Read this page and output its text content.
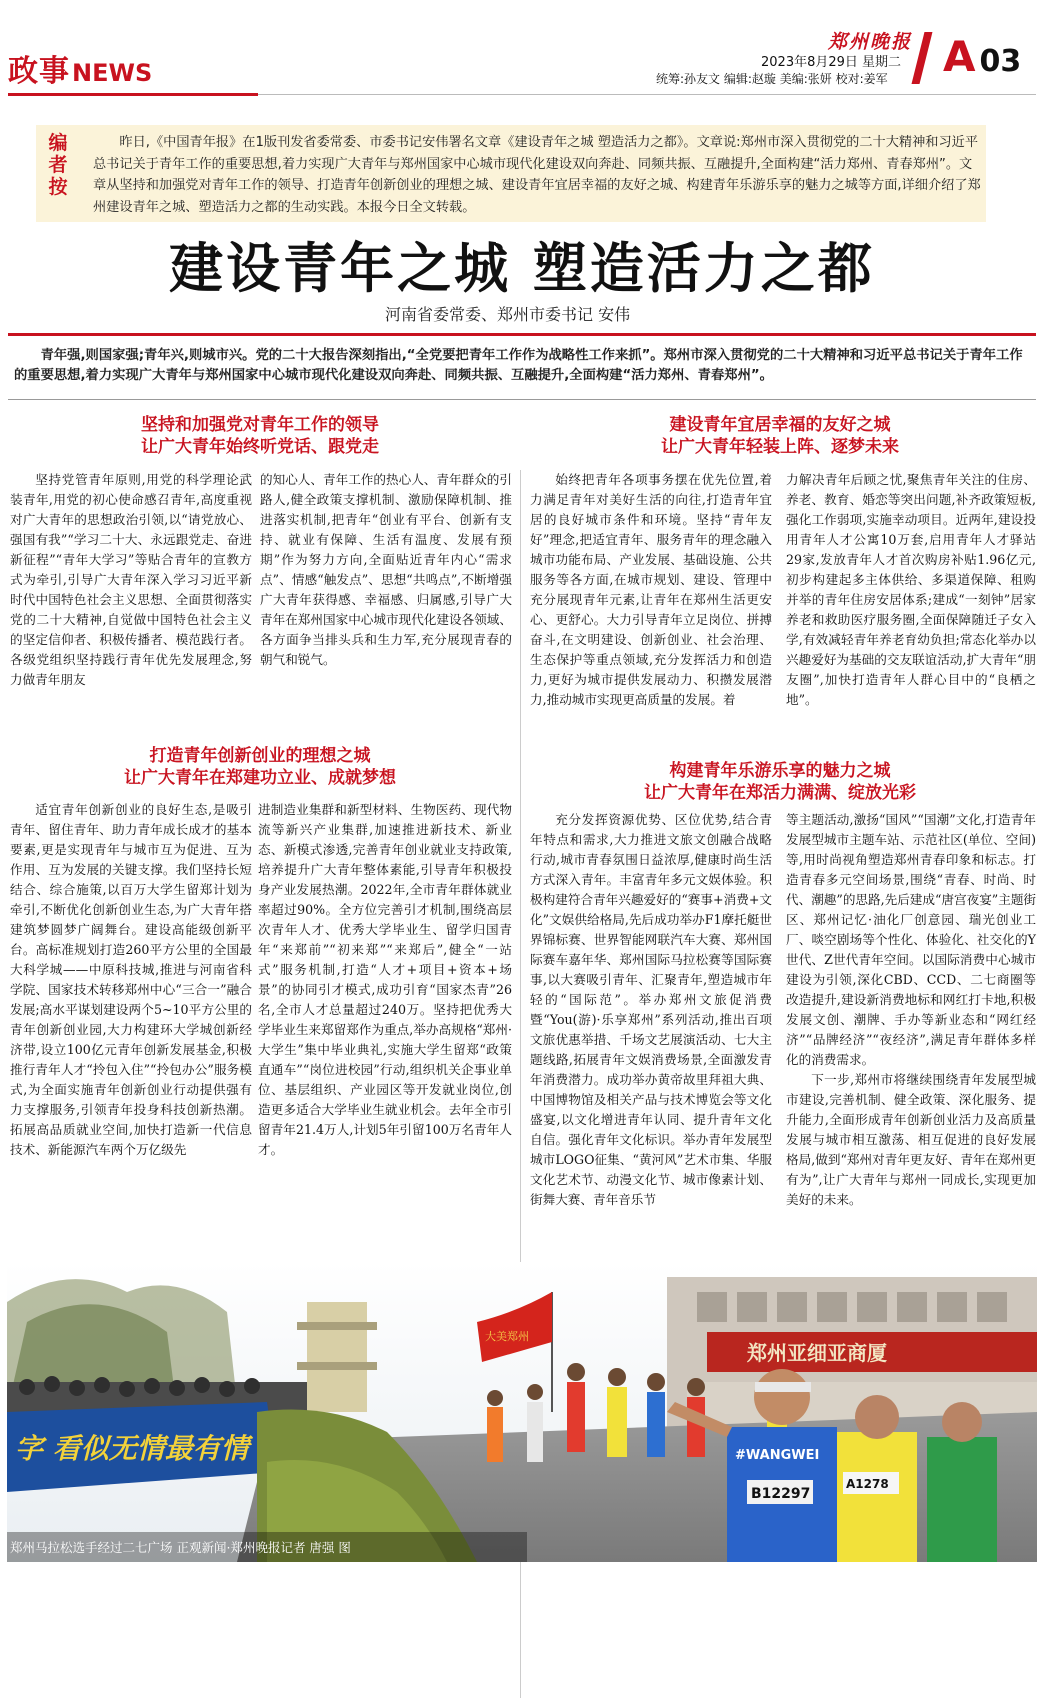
政事NEWS
郑州晚报
2023年8月29日 星期二
统筹:孙友文 编辑:赵璇 美编:张妍 校对:姜军 A 03
编者按

昨日,《中国青年报》在1版刊发省委常委、市委书记安伟署名文章《建设青年之城 塑造活力之都》。文章说:郑州市深入贯彻党的二十大精神和习近平总书记关于青年工作的重要思想,着力实现广大青年与郑州国家中心城市现代化建设双向奔赴、同频共振、互融提升,全面构建“活力郑州、青春郑州”。文章从坚持和加强党对青年工作的领导、打造青年创新创业的理想之城、建设青年宜居幸福的友好之城、构建青年乐游乐享的魅力之城等方面,详细介绍了郑州建设青年之城、塑造活力之都的生动实践。本报今日全文转载。

建设青年之城 塑造活力之都
河南省委常委、郑州市委书记 安伟

青年强,则国家强;青年兴,则城市兴。党的二十大报告深刻指出,“全党要把青年工作作为战略性工作来抓”。郑州市深入贯彻党的二十大精神和习近平总书记关于青年工作的重要思想,着力实现广大青年与郑州国家中心城市现代化建设双向奔赴、同频共振、互融提升,全面构建“活力郑州、青春郑州”。

坚持和加强党对青年工作的领导
让广大青年始终听党话、跟党走

坚持党管青年原则,用党的科学理论武装青年,用党的初心使命感召青年,高度重视对广大青年的思想政治引领,以“请党放心、强国有我”“学习二十大、永远跟党走、奋进新征程”“青年大学习”等贴合青年的宣教方式为牵引,引导广大青年深入学习习近平新时代中国特色社会主义思想、全面贯彻落实党的二十大精神,自觉做中国特色社会主义的坚定信仰者、积极传播者、模范践行者。各级党组织坚持践行青年优先发展理念,努力做青年朋友

的知心人、青年工作的热心人、青年群众的引路人,健全政策支撑机制、激励保障机制、推进落实机制,把青年“创业有平台、创新有支持、就业有保障、生活有温度、发展有预期”作为努力方向,全面贴近青年内心“需求点”、情感“触发点”、思想“共鸣点”,不断增强广大青年获得感、幸福感、归属感,引导广大青年在郑州国家中心城市现代化建设各领域、各方面争当排头兵和生力军,充分展现青春的朝气和锐气。

打造青年创新创业的理想之城
让广大青年在郑建功立业、成就梦想

适宜青年创新创业的良好生态,是吸引青年、留住青年、助力青年成长成才的基本要素,更是实现青年与城市互为促进、互为作用、互为发展的关键支撑。我们坚持长短结合、综合施策,以百万大学生留郑计划为牵引,不断优化创新创业生态,为广大青年搭建筑梦圆梦广阔舞台。建设高能级创新平台。高标准规划打造260平方公里的全国最大科学城——中原科技城,推进与河南省科学院、国家技术转移郑州中心“三合一”融合发展;高水平谋划建设两个5~10平方公里的青年创新创业园,大力构建环大学城创新经济带,设立100亿元青年创新发展基金,积极推行青年人才“拎包入住”“拎包办公”服务模式,为全面实施青年创新创业行动提供强有力支撑服务,引领青年投身科技创新热潮。拓展高品质就业空间,加快打造新一代信息技术、新能源汽车两个万亿级先

进制造业集群和新型材料、生物医药、现代物流等新兴产业集群,加速推进新技术、新业态、新模式渗透,完善青年创业就业支持政策,培养提升广大青年整体素能,引导青年积极投身产业发展热潮。2022年,全市青年群体就业率超过90%。全方位完善引才机制,围绕高层次青年人才、优秀大学毕业生、留学归国青年“来郑前”“初来郑”“来郑后”,健全“一站式”服务机制,打造“人才+项目+资本+场景”的协同引才模式,成功引育“国家杰青”26名,全市人才总量超过240万。坚持把优秀大学毕业生来郑留郑作为重点,举办高规格“郑州·大学生”集中毕业典礼,实施大学生留郑“政策直通车”“岗位进校园”行动,组织机关企事业单位、基层组织、产业园区等开发就业岗位,创造更多适合大学毕业生就业机会。去年全市引留青年21.4万人,计划5年引留100万名青年人才。

建设青年宜居幸福的友好之城
让广大青年轻装上阵、逐梦未来

始终把青年各项事务摆在优先位置,着力满足青年对美好生活的向往,打造青年宜居的良好城市条件和环境。坚持“青年友好”理念,把适宜青年、服务青年的理念融入城市功能布局、产业发展、基础设施、公共服务等各方面,在城市规划、建设、管理中充分展现青年元素,让青年在郑州生活更安心、更舒心。大力引导青年立足岗位、拼搏奋斗,在文明建设、创新创业、社会治理、生态保护等重点领域,充分发挥活力和创造力,更好为城市提供发展动力、积攒发展潜力,推动城市实现更高质量的发展。着

力解决青年后顾之忧,聚焦青年关注的住房、养老、教育、婚恋等突出问题,补齐政策短板,强化工作弱项,实施幸动项目。近两年,建设投用青年人才公寓10万套,启用青年人才驿站29家,发放青年人才首次购房补贴1.96亿元,初步构建起多主体供给、多渠道保障、租购并举的青年住房安居体系;建成“一刻钟”居家养老和救助医疗服务圈,全面保障随迁子女入学,有效减轻青年养老育幼负担;常态化举办以兴趣爱好为基础的交友联谊活动,扩大青年“朋友圈”,加快打造青年人群心目中的“良栖之地”。

构建青年乐游乐享的魅力之城
让广大青年在郑活力满满、绽放光彩

充分发挥资源优势、区位优势,结合青年特点和需求,大力推进文旅文创融合战略行动,城市青春氛围日益浓厚,健康时尚生活方式深入青年。丰富青年多元文娱体验。积极构建符合青年兴趣爱好的“赛事+消费+文化”文娱供给格局,先后成功举办F1摩托艇世界锦标赛、世界智能网联汽车大赛、郑州国际赛车嘉年华、郑州国际马拉松赛等国际赛事,以大赛吸引青年、汇聚青年,塑造城市年轻的“国际范”。举办郑州文旅促消费暨“You(游)·乐享郑州”系列活动,推出百项文旅优惠举措、千场文艺展演活动、七大主题线路,拓展青年文娱消费场景,全面激发青年消费潜力。成功举办黄帝故里拜祖大典、中国博物馆及相关产品与技术博览会等文化盛宴,以文化增进青年认同、提升青年文化自信。强化青年文化标识。举办青年发展型城市LOGO征集、“黄河风”艺术市集、华服文化艺术节、动漫文化节、城市像素计划、街舞大赛、青年音乐节

等主题活动,激扬“国风”“国潮”文化,打造青年发展型城市主题车站、示范社区(单位、空间)等,用时尚视角塑造郑州青春印象和标志。打造青春多元空间场景,围绕“青春、时尚、时代、潮趣”的思路,先后建成“唐宫夜宴”主题街区、郑州记忆·油化厂创意园、瑞光创业工厂、啖空剧场等个性化、体验化、社交化的Y世代、Z世代青年空间。以国际消费中心城市建设为引领,深化CBD、CCD、二七商圈等改造提升,建设新消费地标和网红打卡地,积极发展文创、潮牌、手办等新业态和“网红经济”“品牌经济”“夜经济”,满足青年群体多样化的消费需求。

下一步,郑州市将继续围绕青年发展型城市建设,完善机制、健全政策、深化服务、提升能力,全面形成青年创新创业活力及高质量发展与城市相互激荡、相互促进的良好发展格局,做到“郑州对青年更友好、青年在郑州更有为”,让广大青年与郑州一同成长,实现更加美好的未来。

郑州亚细亚商厦
大美郑州
字 看似无情最有情	#WANGWEI
B12297
A1278
郑州马拉松选手经过二七广场 正观新闻·郑州晚报记者 唐强 图
